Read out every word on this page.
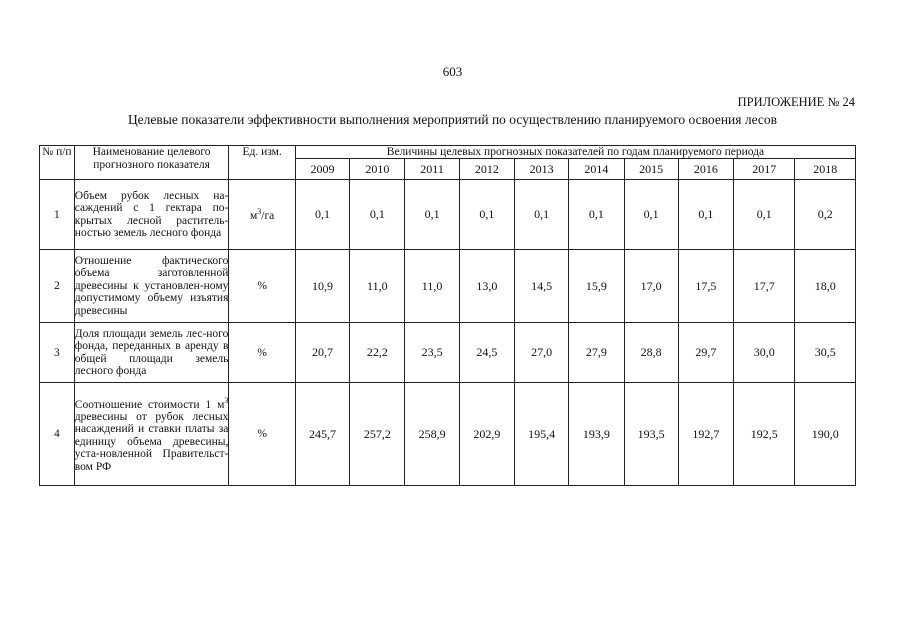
603
ПРИЛОЖЕНИЕ № 24
Целевые показатели эффективности выполнения мероприятий по осуществлению планируемого освоения лесов
№ п/п	Наименование целевого прогнозного показателя	Ед. изм.	Величины целевых прогнозных показателей по годам планируемого периода									
			2009	2010	2011	2012	2013	2014	2015	2016	2017	2018
1	Объем рубок лесных на-саждений с 1 гектара по-крытых лесной раститель-ностью земель лесного фонда	$м^3/га$	0,1	0,1	0,1	0,1	0,1	0,1	0,1	0,1	0,1	0,2
2	Отношение фактического объема заготовленной древесины к установлен-ному допустимому объему изъятия древесины	%	10,9	11,0	11,0	13,0	14,5	15,9	17,0	17,5	17,7	18,0
3	Доля площади земель лес-ного фонда, переданных в аренду в общей площади земель лесного фонда	%	20,7	22,2	23,5	24,5	27,0	27,9	28,8	29,7	30,0	30,5
4	Соотношение стоимости 1 $м^3$ древесины от рубок лесных насаждений и ставки платы за единицу объема древесины, уста-новленной Правительст-вом РФ	%	245,7	257,2	258,9	202,9	195,4	193,9	193,5	192,7	192,5	190,0
